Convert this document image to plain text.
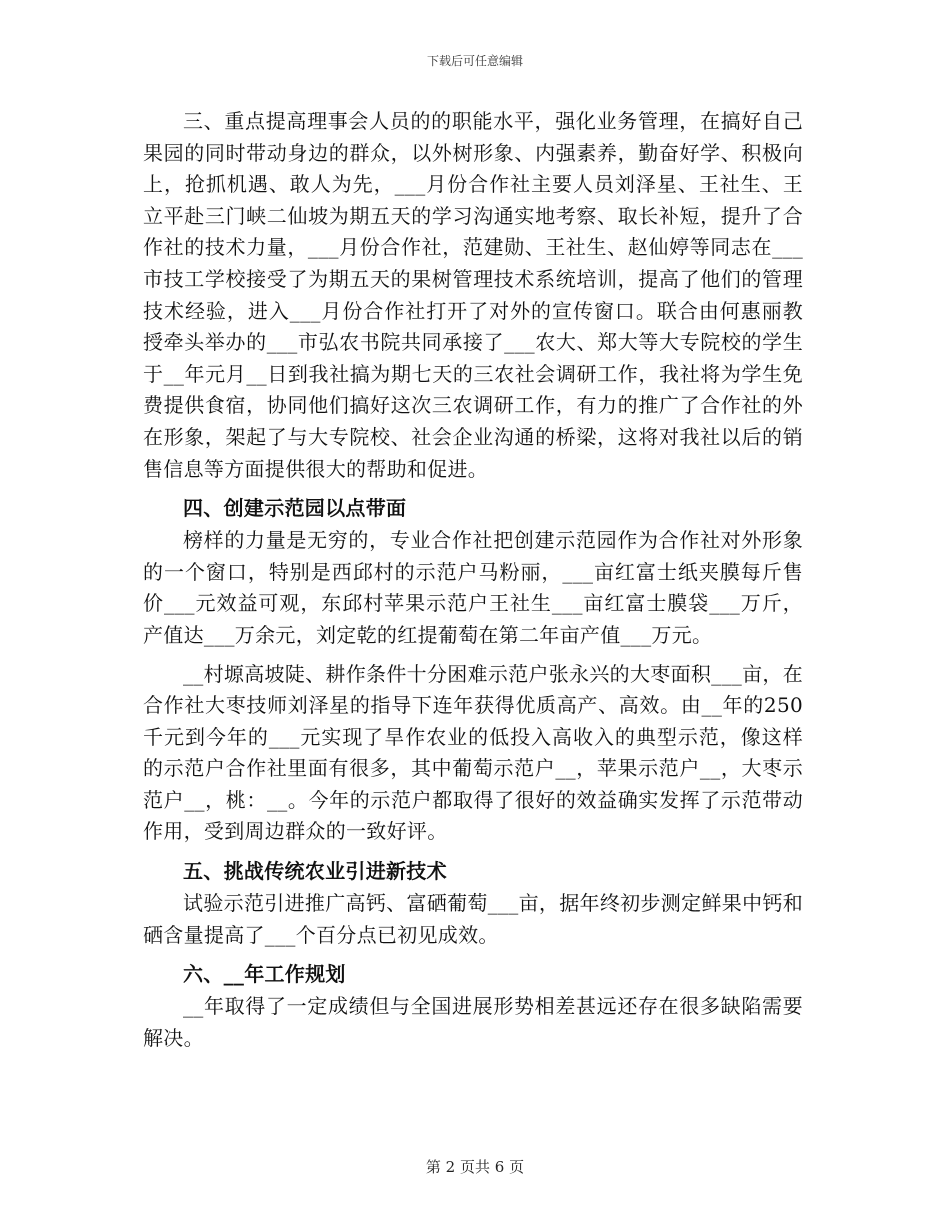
下载后可任意编辑

三、重点提高理事会人员的的职能水平，强化业务管理，在搞好自己果园的同时带动身边的群众，以外树形象、内强素养，勤奋好学、积极向上，抢抓机遇、敢人为先，___月份合作社主要人员刘泽星、王社生、王立平赴三门峡二仙坡为期五天的学习沟通实地考察、取长补短，提升了合作社的技术力量，___月份合作社，范建勋、王社生、赵仙婷等同志在___市技工学校接受了为期五天的果树管理技术系统培训，提高了他们的管理技术经验，进入___月份合作社打开了对外的宣传窗口。联合由何惠丽教授牵头举办的___市弘农书院共同承接了___农大、郑大等大专院校的学生于__年元月__日到我社搞为期七天的三农社会调研工作，我社将为学生免费提供食宿，协同他们搞好这次三农调研工作，有力的推广了合作社的外在形象，架起了与大专院校、社会企业沟通的桥梁，这将对我社以后的销售信息等方面提供很大的帮助和促进。

四、创建示范园以点带面

榜样的力量是无穷的，专业合作社把创建示范园作为合作社对外形象的一个窗口，特别是西邱村的示范户马粉丽，___亩红富士纸夹膜每斤售价___元效益可观，东邱村苹果示范户王社生___亩红富士膜袋___万斤，产值达___万余元，刘定乾的红提葡萄在第二年亩产值___万元。

__村塬高坡陡、耕作条件十分困难示范户张永兴的大枣面积___亩，在合作社大枣技师刘泽星的指导下连年获得优质高产、高效。由__年的250千元到今年的___元实现了旱作农业的低投入高收入的典型示范，像这样的示范户合作社里面有很多，其中葡萄示范户__，苹果示范户__，大枣示范户__，桃：__。今年的示范户都取得了很好的效益确实发挥了示范带动作用，受到周边群众的一致好评。

五、挑战传统农业引进新技术

试验示范引进推广高钙、富硒葡萄___亩，据年终初步测定鲜果中钙和硒含量提高了___个百分点已初见成效。

六、__年工作规划

__年取得了一定成绩但与全国进展形势相差甚远还存在很多缺陷需要解决。

第 2 页共 6 页
